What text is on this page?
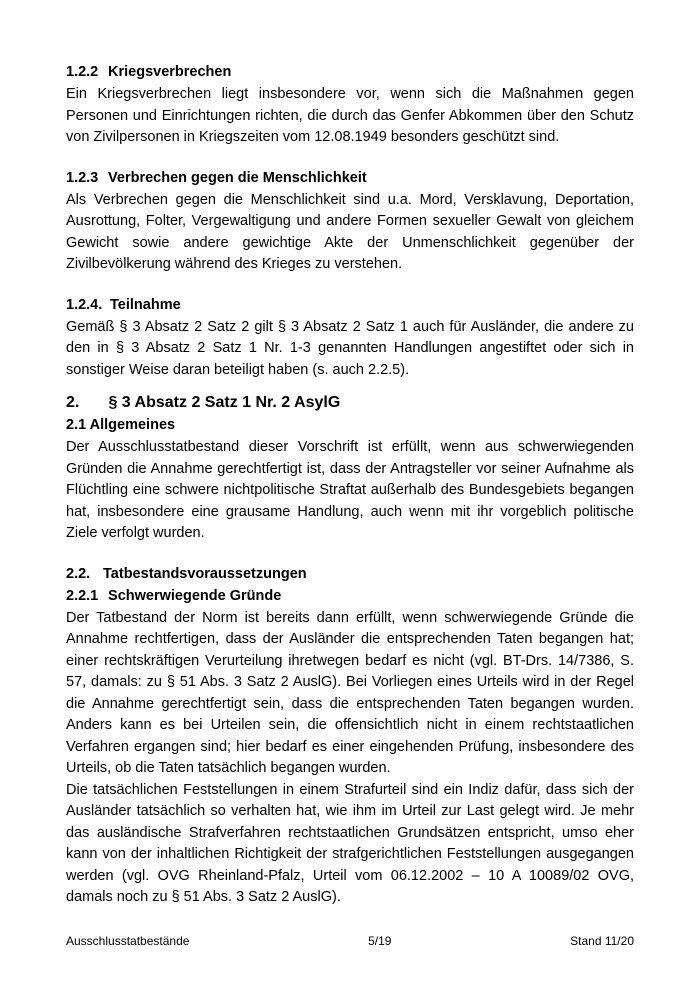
1.2.2 Kriegsverbrechen

Ein Kriegsverbrechen liegt insbesondere vor, wenn sich die Maßnahmen gegen Personen und Einrichtungen richten, die durch das Genfer Abkommen über den Schutz von Zivilpersonen in Kriegszeiten vom 12.08.1949 besonders geschützt sind.

1.2.3 Verbrechen gegen die Menschlichkeit

Als Verbrechen gegen die Menschlichkeit sind u.a. Mord, Versklavung, Deportation, Ausrottung, Folter, Vergewaltigung und andere Formen sexueller Gewalt von gleichem Gewicht sowie andere gewichtige Akte der Unmenschlichkeit gegenüber der Zivilbevölkerung während des Krieges zu verstehen.

1.2.4. Teilnahme

Gemäß § 3 Absatz 2 Satz 2 gilt § 3 Absatz 2 Satz 1 auch für Ausländer, die andere zu den in § 3 Absatz 2 Satz 1 Nr. 1-3 genannten Handlungen angestiftet oder sich in sonstiger Weise daran beteiligt haben (s. auch 2.2.5).

2. § 3 Absatz 2 Satz 1 Nr. 2 AsylG
2.1 Allgemeines

Der Ausschlusstatbestand dieser Vorschrift ist erfüllt, wenn aus schwerwiegenden Gründen die Annahme gerechtfertigt ist, dass der Antragsteller vor seiner Aufnahme als Flüchtling eine schwere nichtpolitische Straftat außerhalb des Bundesgebiets begangen hat, insbesondere eine grausame Handlung, auch wenn mit ihr vorgeblich politische Ziele verfolgt wurden.

2.2. Tatbestandsvoraussetzungen
2.2.1 Schwerwiegende Gründe

Der Tatbestand der Norm ist bereits dann erfüllt, wenn schwerwiegende Gründe die Annahme rechtfertigen, dass der Ausländer die entsprechenden Taten begangen hat; einer rechtskräftigen Verurteilung ihretwegen bedarf es nicht (vgl. BT-Drs. 14/7386, S. 57, damals: zu § 51 Abs. 3 Satz 2 AuslG). Bei Vorliegen eines Urteils wird in der Regel die Annahme gerechtfertigt sein, dass die entsprechenden Taten begangen wurden. Anders kann es bei Urteilen sein, die offensichtlich nicht in einem rechtstaatlichen Verfahren ergangen sind; hier bedarf es einer eingehenden Prüfung, insbesondere des Urteils, ob die Taten tatsächlich begangen wurden.

Die tatsächlichen Feststellungen in einem Strafurteil sind ein Indiz dafür, dass sich der Ausländer tatsächlich so verhalten hat, wie ihm im Urteil zur Last gelegt wird. Je mehr das ausländische Strafverfahren rechtstaatlichen Grundsätzen entspricht, umso eher kann von der inhaltlichen Richtigkeit der strafgerichtlichen Feststellungen ausgegangen werden (vgl. OVG Rheinland-Pfalz, Urteil vom 06.12.2002 – 10 A 10089/02 OVG, damals noch zu § 51 Abs. 3 Satz 2 AuslG).

Ausschlusstatbestände	5/19	Stand 11/20
